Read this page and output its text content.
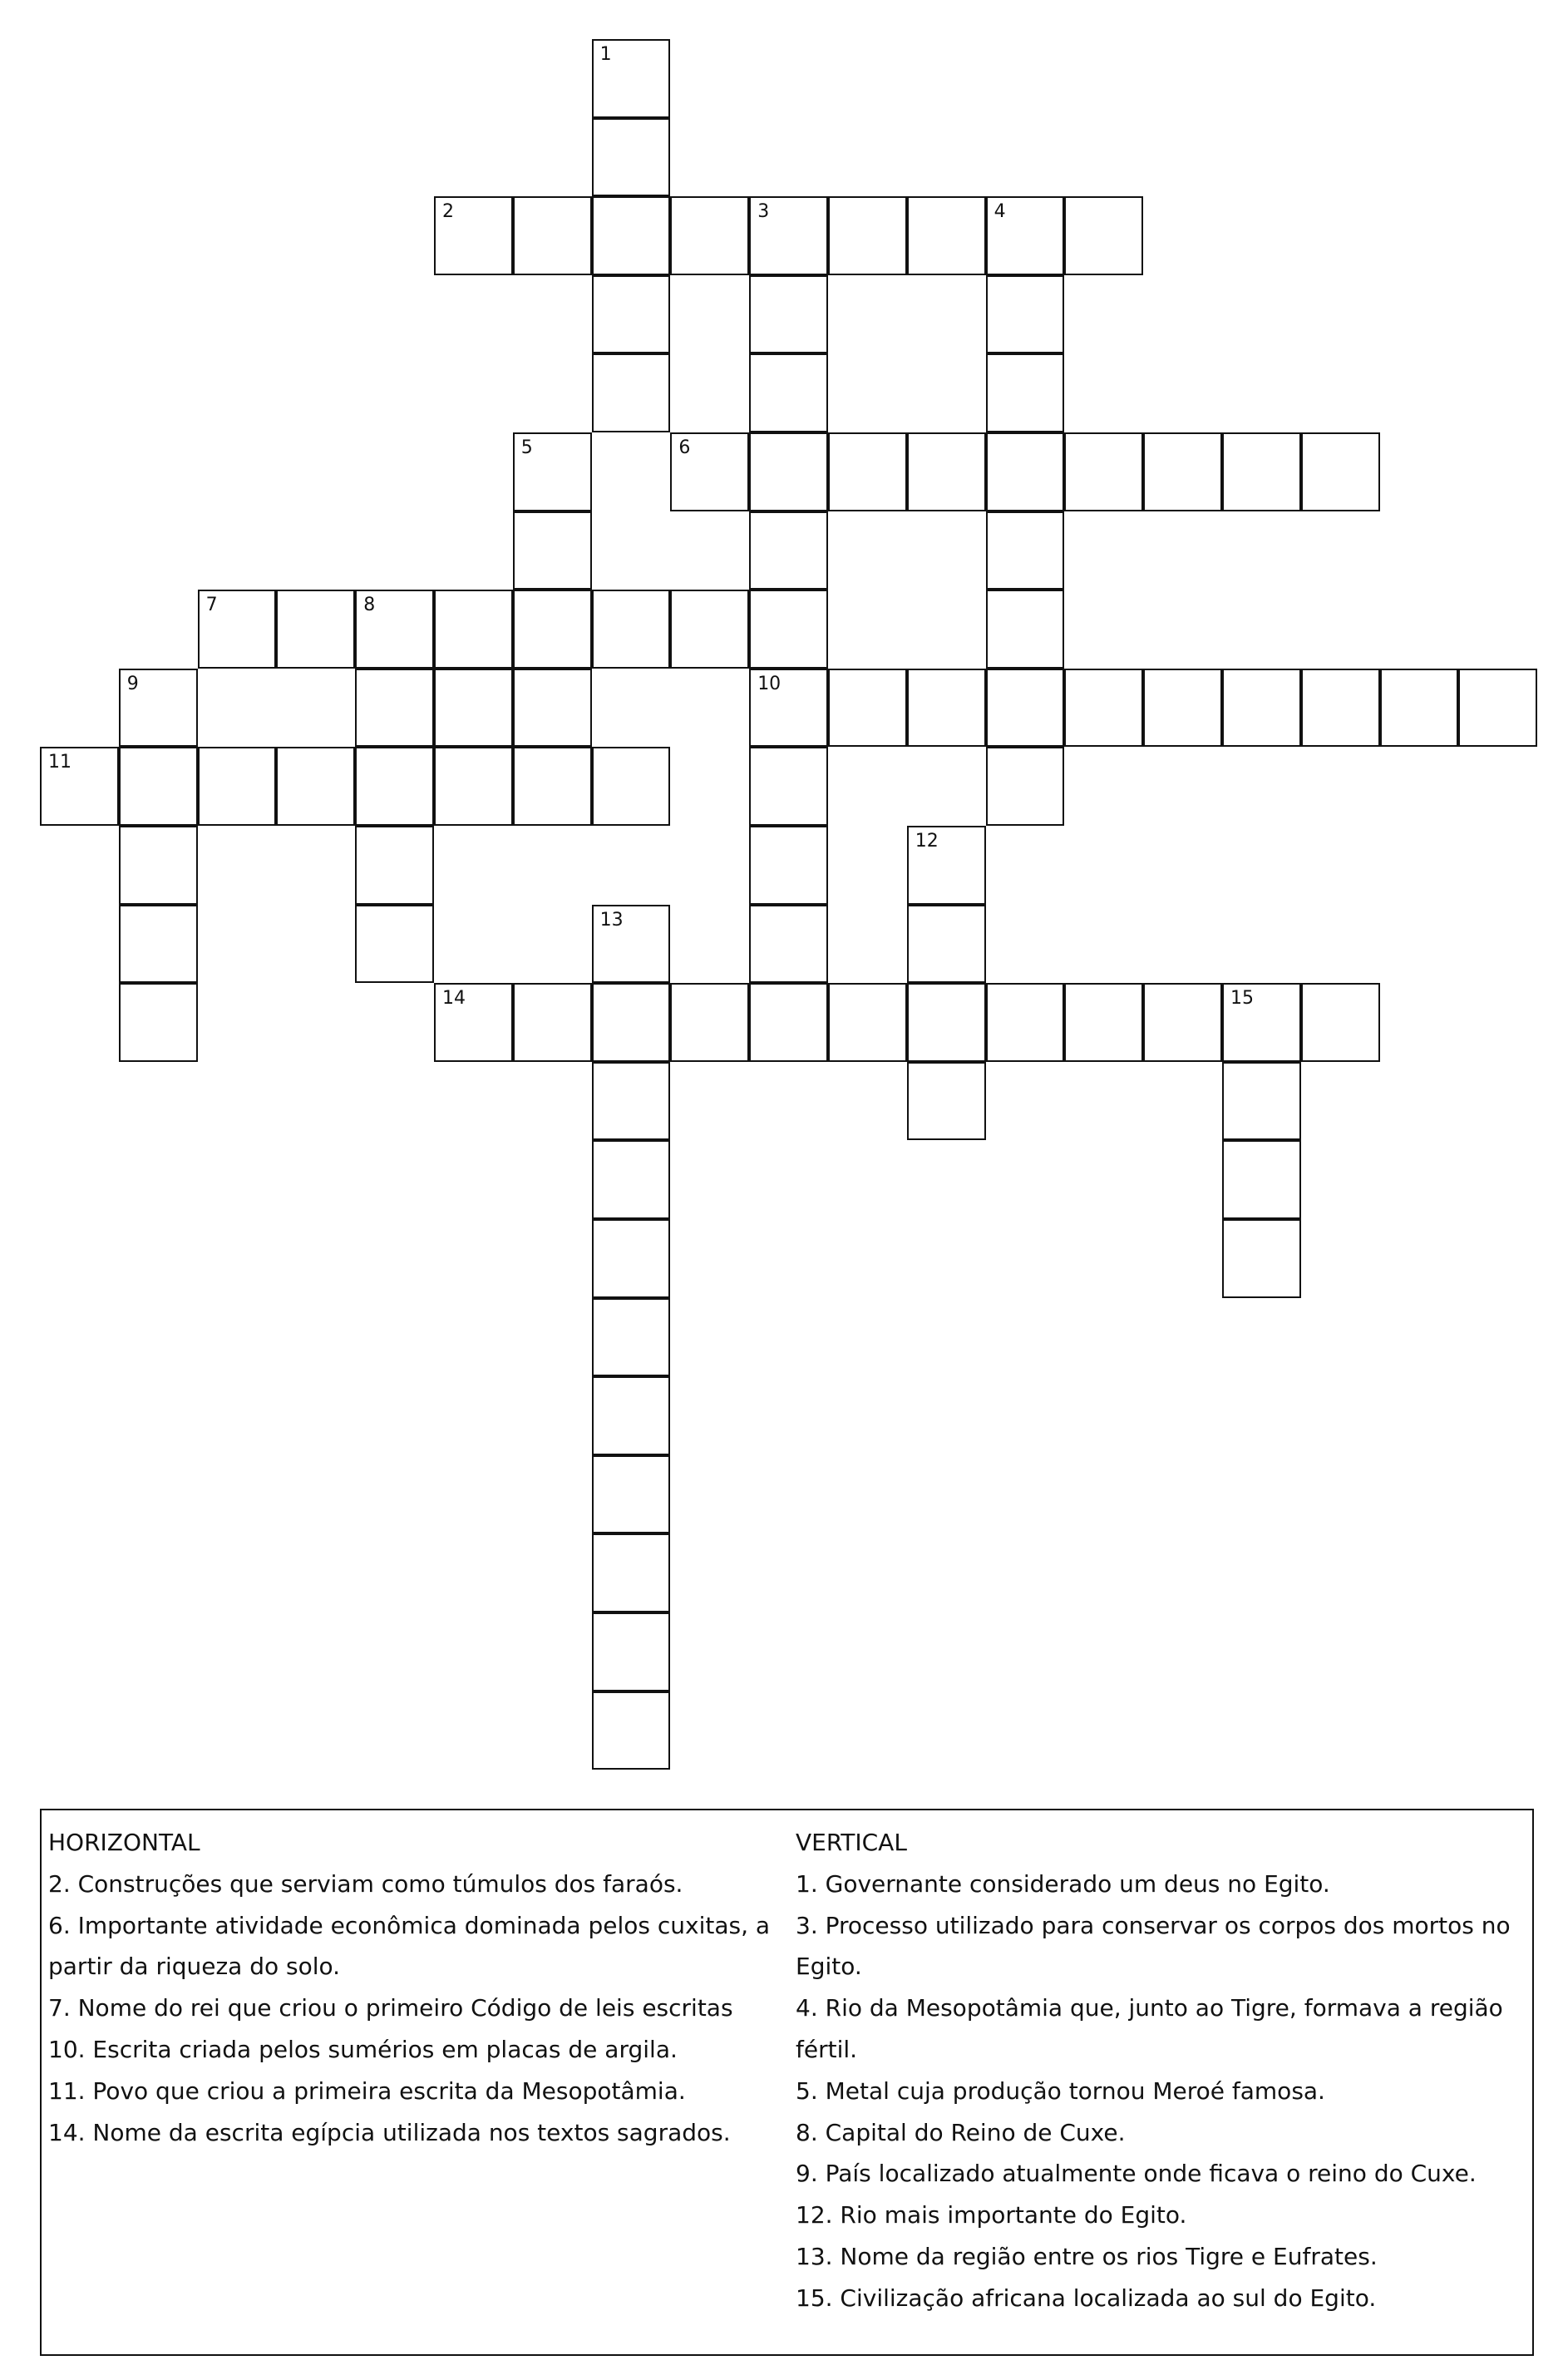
1
2	3	4
5	6
7	8
9	10
11
12
13
14	15
HORIZONTAL
2. Construções que serviam como túmulos dos faraós.
6. Importante atividade econômica dominada pelos cuxitas, a partir da riqueza do solo.
7. Nome do rei que criou o primeiro Código de leis escritas
10. Escrita criada pelos sumérios em placas de argila.
11. Povo que criou a primeira escrita da Mesopotâmia.
14. Nome da escrita egípcia utilizada nos textos sagrados.
VERTICAL
1. Governante considerado um deus no Egito.
3. Processo utilizado para conservar os corpos dos mortos no Egito.
4. Rio da Mesopotâmia que, junto ao Tigre, formava a região fértil.
5. Metal cuja produção tornou Meroé famosa.
8. Capital do Reino de Cuxe.
9. País localizado atualmente onde ficava o reino do Cuxe.
12. Rio mais importante do Egito.
13. Nome da região entre os rios Tigre e Eufrates.
15. Civilização africana localizada ao sul do Egito.
